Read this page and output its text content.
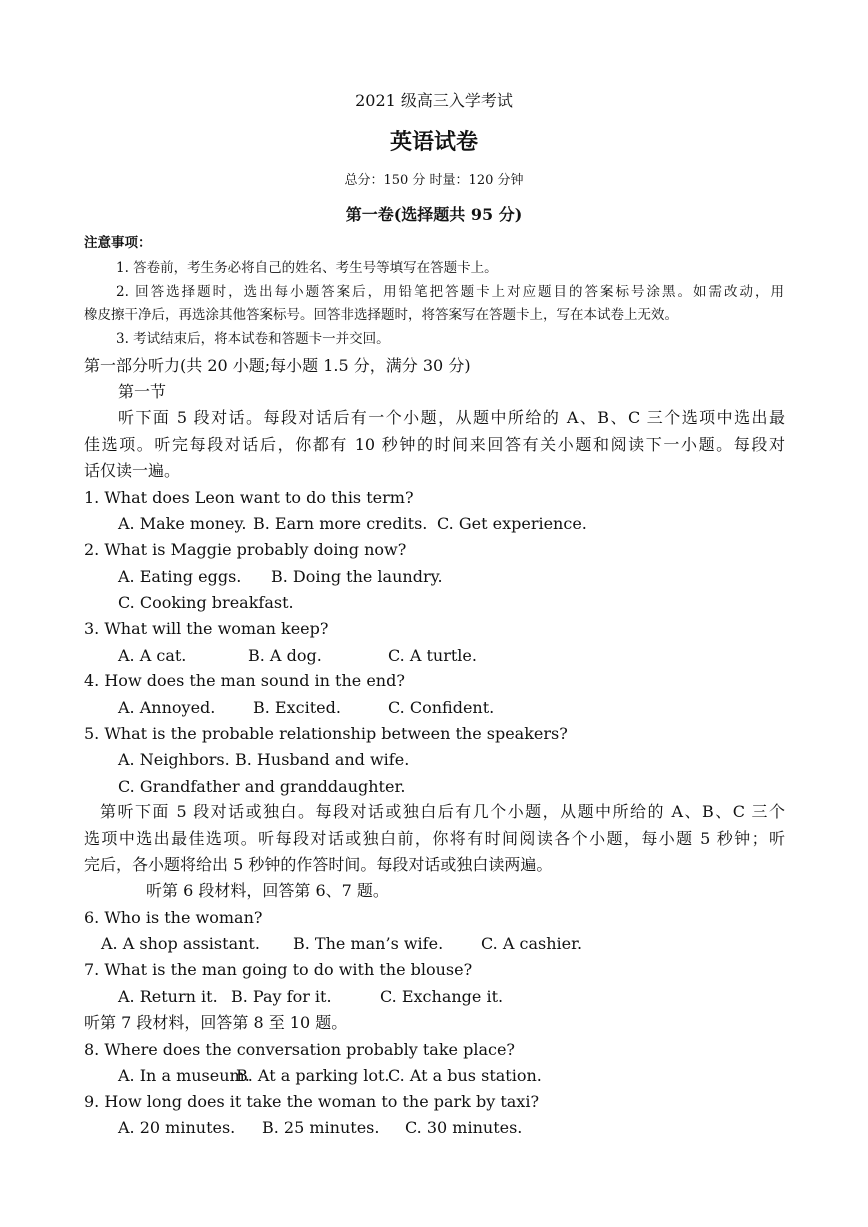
2021 级高三入学考试
英语试卷
总分：150 分 时量：120 分钟
第一卷(选择题共 95 分)
注意事项：
1. 答卷前，考生务必将自己的姓名、考生号等填写在答题卡上。
2. 回答选择题时，选出每小题答案后，用铅笔把答题卡上对应题目的答案标号涂黑。如需改动，用
橡皮擦干净后，再选涂其他答案标号。回答非选择题时，将答案写在答题卡上，写在本试卷上无效。
3. 考试结束后，将本试卷和答题卡一并交回。
第一部分听力(共 20 小题;每小题 1.5 分，满分 30 分)
第一节
听下面 5 段对话。每段对话后有一个小题，从题中所给的 A、B、C 三个选项中选出最
佳选项。听完每段对话后，你都有 10 秒钟的时间来回答有关小题和阅读下一小题。每段对
话仅读一遍。
1. What does Leon want to do this term?
A. Make money. B. Earn more credits. C. Get experience.
2. What is Maggie probably doing now?
A. Eating eggs. B. Doing the laundry.
C. Cooking breakfast.
3. What will the woman keep?
A. A cat.	B. A dog.	C. A turtle.
4. How does the man sound in the end?
A. Annoyed. B. Excited.	C. Confident.
5. What is the probable relationship between the speakers?
A. Neighbors. B. Husband and wife.
C. Grandfather and granddaughter.
第听下面 5 段对话或独白。每段对话或独白后有几个小题，从题中所给的 A、B、C 三个
选项中选出最佳选项。听每段对话或独白前，你将有时间阅读各个小题，每小题 5 秒钟；听
完后，各小题将给出 5 秒钟的作答时间。每段对话或独白读两遍。
听第 6 段材料，回答第 6、7 题。
6. Who is the woman?
A. A shop assistant. B. The man’s wife. C. A cashier.
7. What is the man going to do with the blouse?
A. Return it. B. Pay for it.	C. Exchange it.
听第 7 段材料，回答第 8 至 10 题。
8. Where does the conversation probably take place?
A. In a museum.
B. At a parking lot.
C. At a bus station.
9. How long does it take the woman to the park by taxi?
A. 20 minutes. B. 25 minutes. C. 30 minutes.
